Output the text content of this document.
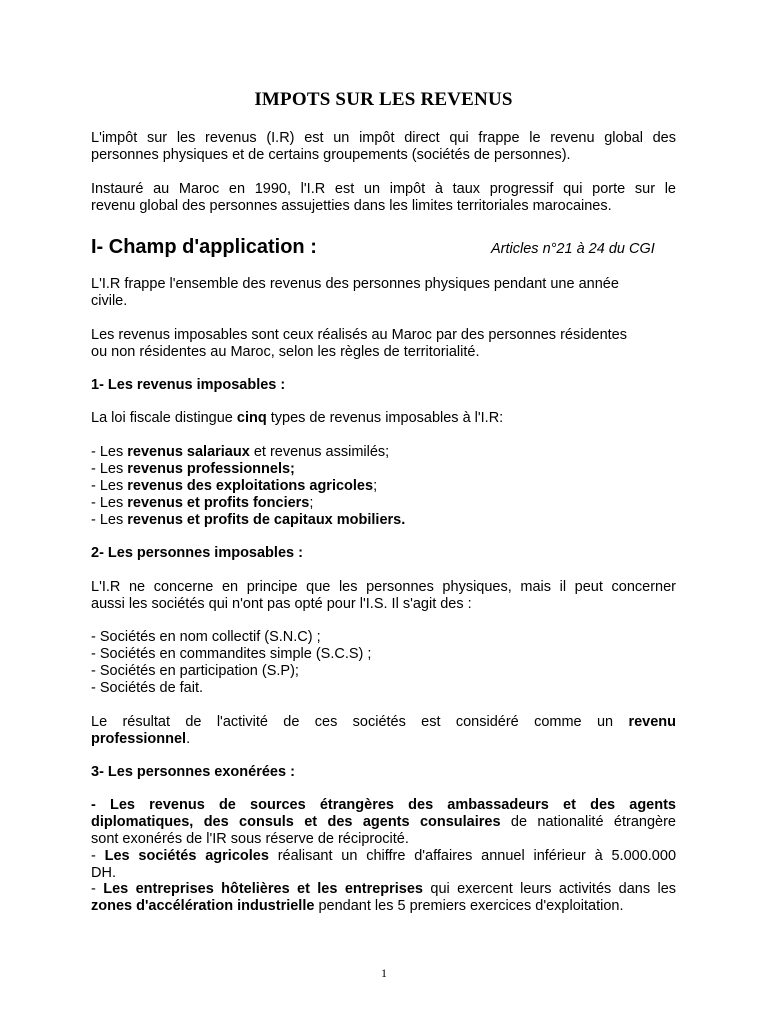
IMPOTS SUR LES REVENUS
L'impôt sur les revenus (I.R) est un impôt direct qui frappe le revenu global des
personnes physiques et de certains groupements (sociétés de personnes).
Instauré au Maroc en 1990, l'I.R est un impôt à taux progressif qui porte sur le
revenu global des personnes assujetties dans les limites territoriales marocaines.
I- Champ d'application :	Articles n°21 à 24 du CGI
L'I.R frappe l'ensemble des revenus des personnes physiques pendant une année
civile.
Les revenus imposables sont ceux réalisés au Maroc par des personnes résidentes
ou non résidentes au Maroc, selon les règles de territorialité.
1- Les revenus imposables :
La loi fiscale distingue cinq types de revenus imposables à l'I.R:
- Les revenus salariaux et revenus assimilés;
- Les revenus professionnels;
- Les revenus des exploitations agricoles;
- Les revenus et profits fonciers;
- Les revenus et profits de capitaux mobiliers.
2- Les personnes imposables :
L'I.R ne concerne en principe que les personnes physiques, mais il peut concerner
aussi les sociétés qui n'ont pas opté pour l'I.S. Il s'agit des :
- Sociétés en nom collectif (S.N.C) ;
- Sociétés en commandites simple (S.C.S) ;
- Sociétés en participation (S.P);
- Sociétés de fait.
Le résultat de l'activité de ces sociétés est considéré comme un revenu
professionnel.
3- Les personnes exonérées :
- Les revenus de sources étrangères des ambassadeurs et des agents
diplomatiques, des consuls et des agents consulaires de nationalité étrangère
sont exonérés de l'IR sous réserve de réciprocité.
- Les sociétés agricoles réalisant un chiffre d'affaires annuel inférieur à 5.000.000
DH.
- Les entreprises hôtelières et les entreprises qui exercent leurs activités dans les
zones d'accélération industrielle pendant les 5 premiers exercices d'exploitation.
1
